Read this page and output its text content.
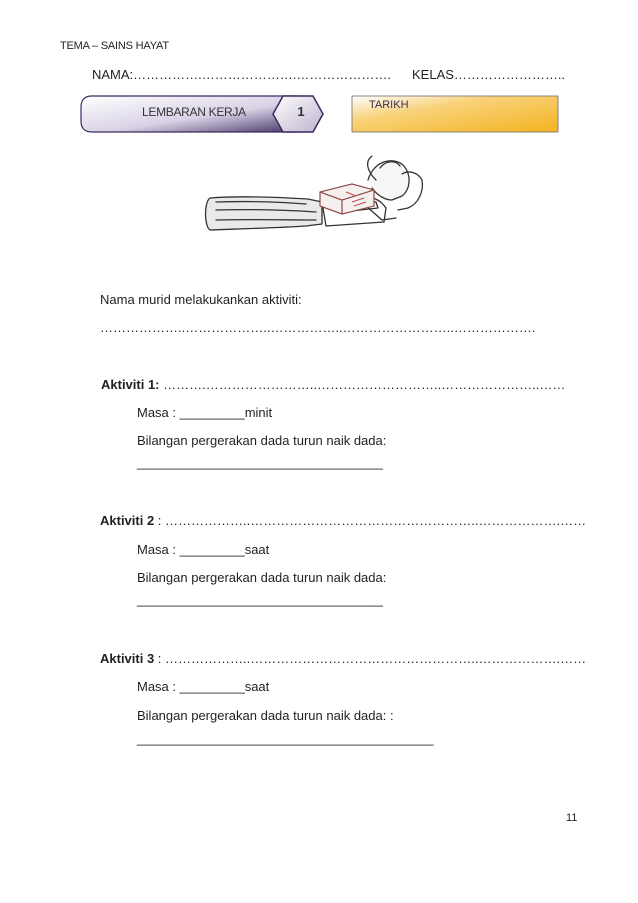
TEMA – SAINS HAYAT
NAMA:…………….………………….…………………. KELAS……………………..
LEMBARAN KERJA	1	TARIKH
Nama murid melakukankan aktiviti:
………………..………………..……………..……………………..……………….
Aktiviti 1: ……….……………………..………………………..…………………..……
Masa : _________minit
Bilangan pergerakan dada turun naik dada:
__________________________________
Aktiviti 2 : ………………..……………………………………………..……………….……
Masa : _________saat
Bilangan pergerakan dada turun naik dada:
__________________________________
Aktiviti 3 : ………………..……………………………………………..……………….……
Masa : _________saat
Bilangan pergerakan dada turun naik dada: :
_________________________________________
11
